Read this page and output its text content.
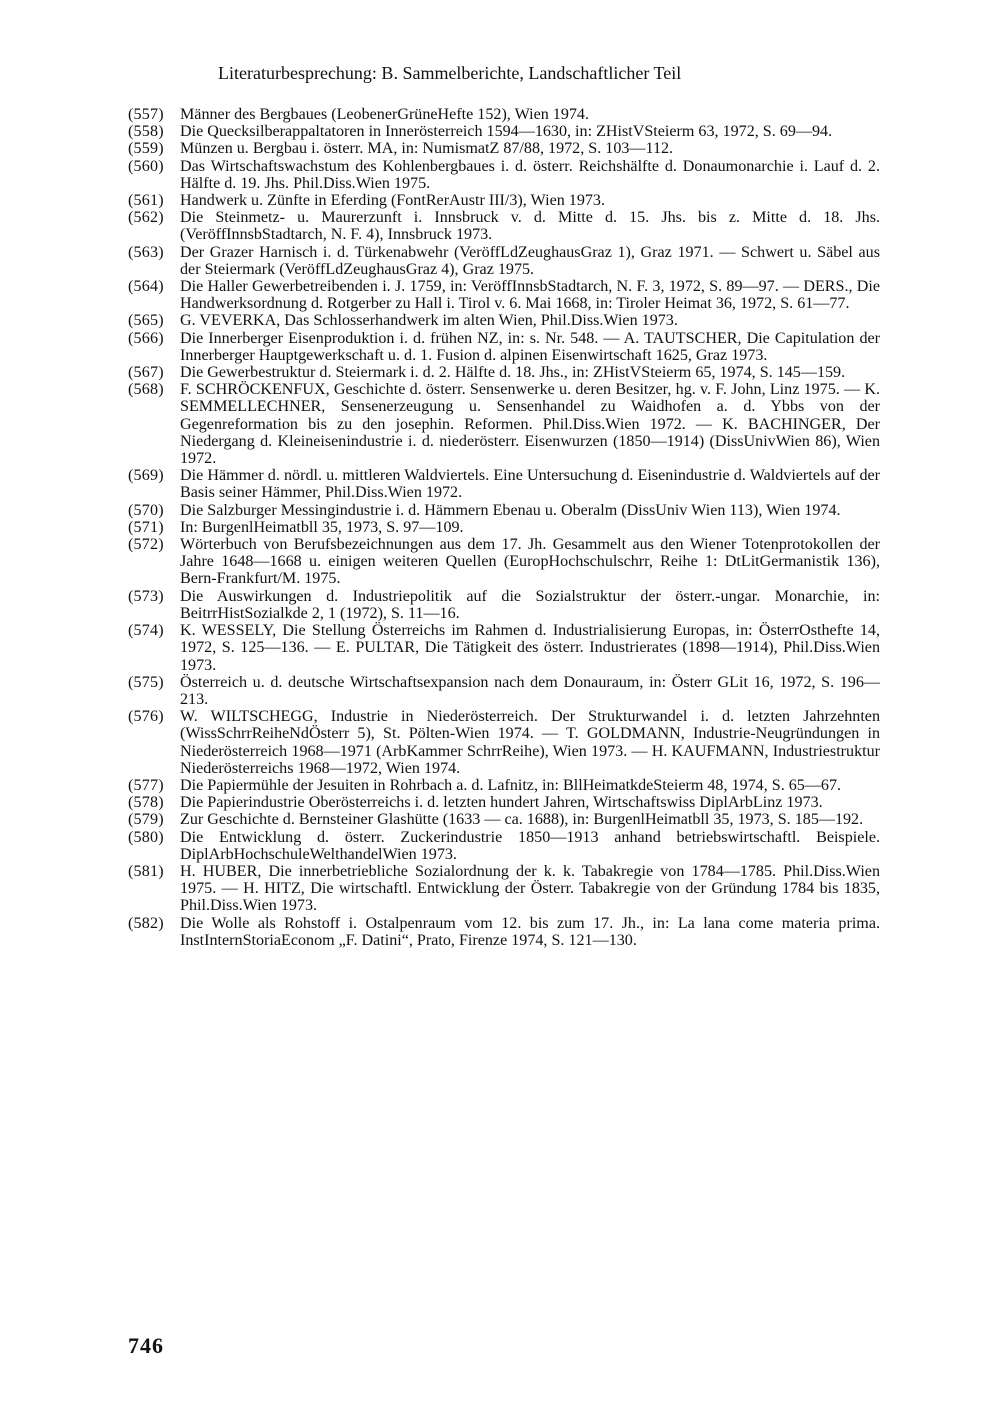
Literaturbesprechung: B. Sammelberichte, Landschaftlicher Teil
(557)	Männer des Bergbaues (LeobenerGrüneHefte 152), Wien 1974.
(558)	Die Quecksilberappaltatoren in Innerösterreich 1594—1630, in: ZHistVSteierm 63, 1972, S. 69—94.
(559)	Münzen u. Bergbau i. österr. MA, in: NumismatZ 87/88, 1972, S. 103—112.
(560)	Das Wirtschaftswachstum des Kohlenbergbaues i. d. österr. Reichshälfte d. Donaumonarchie i. Lauf d. 2. Hälfte d. 19. Jhs. Phil.Diss.Wien 1975.
(561)	Handwerk u. Zünfte in Eferding (FontRerAustr III/3), Wien 1973.
(562)	Die Steinmetz- u. Maurerzunft i. Innsbruck v. d. Mitte d. 15. Jhs. bis z. Mitte d. 18. Jhs. (VeröffInnsbStadtarch, N. F. 4), Innsbruck 1973.
(563)	Der Grazer Harnisch i. d. Türkenabwehr (VeröffLdZeughausGraz 1), Graz 1971. — Schwert u. Säbel aus der Steiermark (VeröffLdZeughausGraz 4), Graz 1975.
(564)	Die Haller Gewerbetreibenden i. J. 1759, in: VeröffInnsbStadtarch, N. F. 3, 1972, S. 89—97. — DERS., Die Handwerksordnung d. Rotgerber zu Hall i. Tirol v. 6. Mai 1668, in: Tiroler Heimat 36, 1972, S. 61—77.
(565)	G. VEVERKA, Das Schlosserhandwerk im alten Wien, Phil.Diss.Wien 1973.
(566)	Die Innerberger Eisenproduktion i. d. frühen NZ, in: s. Nr. 548. — A. TAUTSCHER, Die Capitulation der Innerberger Hauptgewerkschaft u. d. 1. Fusion d. alpinen Eisenwirtschaft 1625, Graz 1973.
(567)	Die Gewerbestruktur d. Steiermark i. d. 2. Hälfte d. 18. Jhs., in: ZHistVSteierm 65, 1974, S. 145—159.
(568)	F. SCHRÖCKENFUX, Geschichte d. österr. Sensenwerke u. deren Besitzer, hg. v. F. John, Linz 1975. — K. SEMMELLECHNER, Sensenerzeugung u. Sensenhandel zu Waidhofen a. d. Ybbs von der Gegenreformation bis zu den josephin. Reformen. Phil.Diss.Wien 1972. — K. BACHINGER, Der Niedergang d. Kleineisenindustrie i. d. niederösterr. Eisenwurzen (1850—1914) (DissUnivWien 86), Wien 1972.
(569)	Die Hämmer d. nördl. u. mittleren Waldviertels. Eine Untersuchung d. Eisenindustrie d. Waldviertels auf der Basis seiner Hämmer, Phil.Diss.Wien 1972.
(570)	Die Salzburger Messingindustrie i. d. Hämmern Ebenau u. Oberalm (DissUniv Wien 113), Wien 1974.
(571)	In: BurgenlHeimatbll 35, 1973, S. 97—109.
(572)	Wörterbuch von Berufsbezeichnungen aus dem 17. Jh. Gesammelt aus den Wiener Totenprotokollen der Jahre 1648—1668 u. einigen weiteren Quellen (EuropHochschulschrr, Reihe 1: DtLitGermanistik 136), Bern-Frankfurt/M. 1975.
(573)	Die Auswirkungen d. Industriepolitik auf die Sozialstruktur der österr.-ungar. Monarchie, in: BeitrrHistSozialkde 2, 1 (1972), S. 11—16.
(574)	K. WESSELY, Die Stellung Österreichs im Rahmen d. Industrialisierung Europas, in: ÖsterrOsthefte 14, 1972, S. 125—136. — E. PULTAR, Die Tätigkeit des österr. Industrierates (1898—1914), Phil.Diss.Wien 1973.
(575)	Österreich u. d. deutsche Wirtschaftsexpansion nach dem Donauraum, in: Österr GLit 16, 1972, S. 196—213.
(576)	W. WILTSCHEGG, Industrie in Niederösterreich. Der Strukturwandel i. d. letzten Jahrzehnten (WissSchrrReiheNdÖsterr 5), St. Pölten-Wien 1974. — T. GOLDMANN, Industrie-Neugründungen in Niederösterreich 1968—1971 (ArbKammer SchrrReihe), Wien 1973. — H. KAUFMANN, Industriestruktur Niederösterreichs 1968—1972, Wien 1974.
(577)	Die Papiermühle der Jesuiten in Rohrbach a. d. Lafnitz, in: BllHeimatkdeSteierm 48, 1974, S. 65—67.
(578)	Die Papierindustrie Oberösterreichs i. d. letzten hundert Jahren, Wirtschaftswiss DiplArbLinz 1973.
(579)	Zur Geschichte d. Bernsteiner Glashütte (1633 — ca. 1688), in: BurgenlHeimatbll 35, 1973, S. 185—192.
(580)	Die Entwicklung d. österr. Zuckerindustrie 1850—1913 anhand betriebswirtschaftl. Beispiele. DiplArbHochschuleWelthandelWien 1973.
(581)	H. HUBER, Die innerbetriebliche Sozialordnung der k. k. Tabakregie von 1784—1785. Phil.Diss.Wien 1975. — H. HITZ, Die wirtschaftl. Entwicklung der Österr. Tabakregie von der Gründung 1784 bis 1835, Phil.Diss.Wien 1973.
(582)	Die Wolle als Rohstoff i. Ostalpenraum vom 12. bis zum 17. Jh., in: La lana come materia prima. InstInternStoriaEconom „F. Datini“, Prato, Firenze 1974, S. 121—130.
746
